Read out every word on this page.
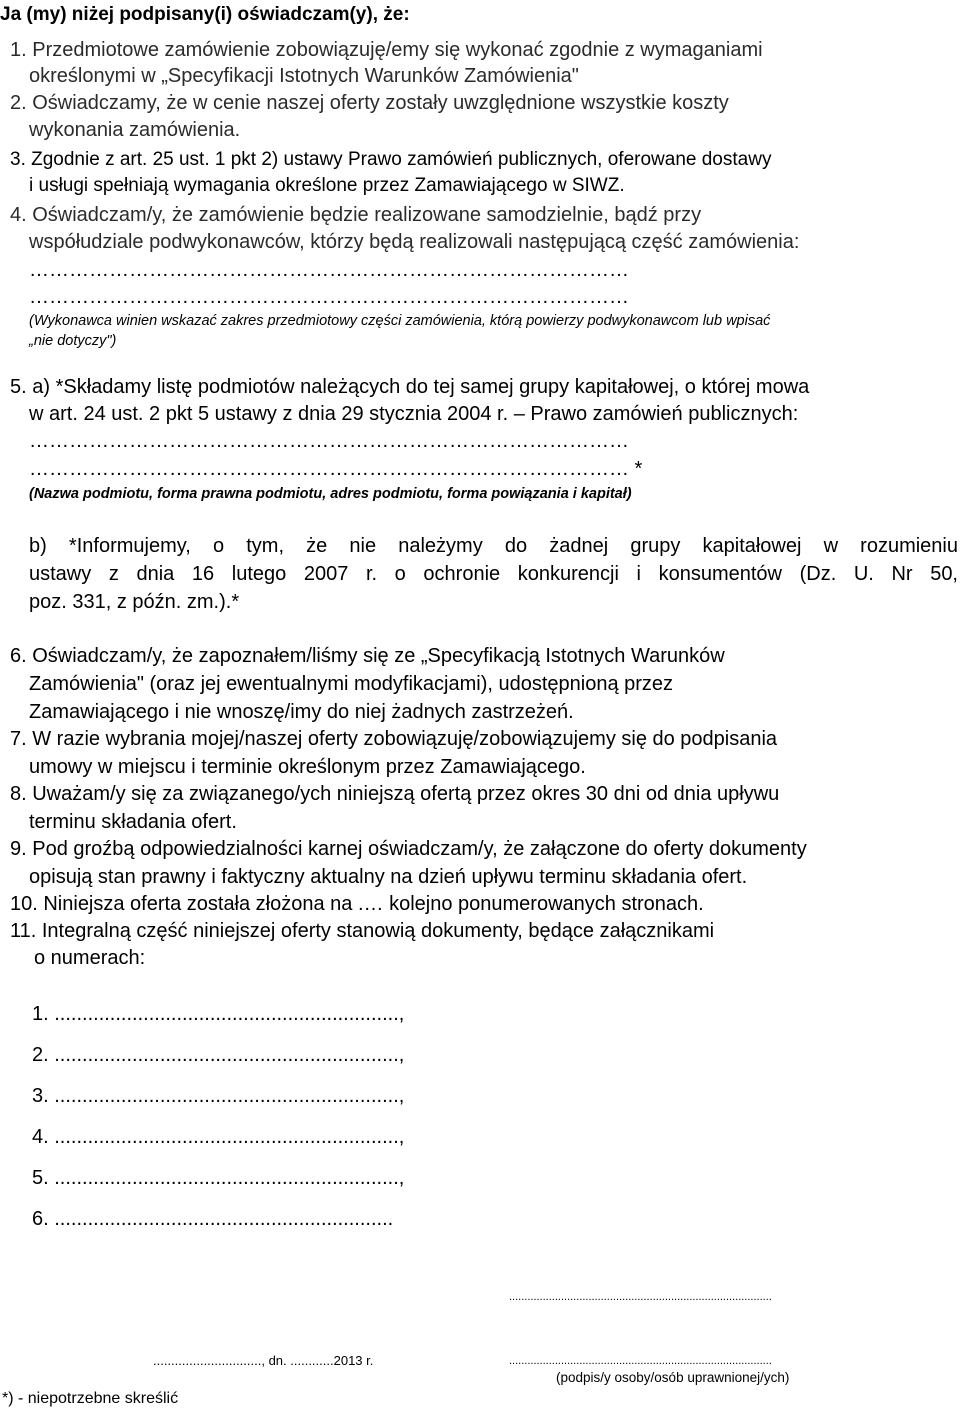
Ja (my) niżej podpisany(i) oświadczam(y), że:
1. Przedmiotowe zamówienie zobowiązuję/emy się wykonać zgodnie z wymaganiami
określonymi w „Specyfikacji Istotnych Warunków Zamówienia"
2. Oświadczamy, że w cenie naszej oferty zostały uwzględnione wszystkie koszty
wykonania zamówienia.
3. Zgodnie z art. 25 ust. 1 pkt 2) ustawy Prawo zamówień publicznych, oferowane dostawy
i usługi spełniają wymagania określone przez Zamawiającego w SIWZ.
4. Oświadczam/y, że zamówienie będzie realizowane samodzielnie, bądź przy
współudziale podwykonawców, którzy będą realizowali następującą część zamówienia:
………………………………………………………………………………
………………………………………………………………………………
(Wykonawca winien wskazać zakres przedmiotowy części zamówienia, którą powierzy podwykonawcom lub wpisać
„nie dotyczy")
5. a) *Składamy listę podmiotów należących do tej samej grupy kapitałowej, o której mowa
w art. 24 ust. 2 pkt 5 ustawy z dnia 29 stycznia 2004 r. – Prawo zamówień publicznych:
………………………………………………………………………………
……………………………………………………………………………… *
(Nazwa podmiotu, forma prawna podmiotu, adres podmiotu, forma powiązania i kapitał)
b) *Informujemy, o tym, że nie należymy do żadnej grupy kapitałowej w rozumieniu
ustawy z dnia 16 lutego 2007 r. o ochronie konkurencji i konsumentów (Dz. U. Nr 50,
poz. 331, z późn. zm.).*
6. Oświadczam/y, że zapoznałem/liśmy się ze „Specyfikacją Istotnych Warunków
Zamówienia" (oraz jej ewentualnymi modyfikacjami), udostępnioną przez
Zamawiającego i nie wnoszę/imy do niej żadnych zastrzeżeń.
7. W razie wybrania mojej/naszej oferty zobowiązuję/zobowiązujemy się do podpisania
umowy w miejscu i terminie określonym przez Zamawiającego.
8. Uważam/y się za związanego/ych niniejszą ofertą przez okres 30 dni od dnia upływu
terminu składania ofert.
9. Pod groźbą odpowiedzialności karnej oświadczam/y, że załączone do oferty dokumenty
opisują stan prawny i faktyczny aktualny na dzień upływu terminu składania ofert.
10. Niniejsza oferta została złożona na .… kolejno ponumerowanych stronach.
11. Integralną część niniejszej oferty stanowią dokumenty, będące załącznikami
o numerach:
1. ..............................................................,
2. ..............................................................,
3. ..............................................................,
4. ..............................................................,
5. ..............................................................,
6. .............................................................
......................................................................................
.............................., dn. ............2013 r.	......................................................................................
(podpis/y osoby/osób uprawnionej/ych)
*) - niepotrzebne skreślić
